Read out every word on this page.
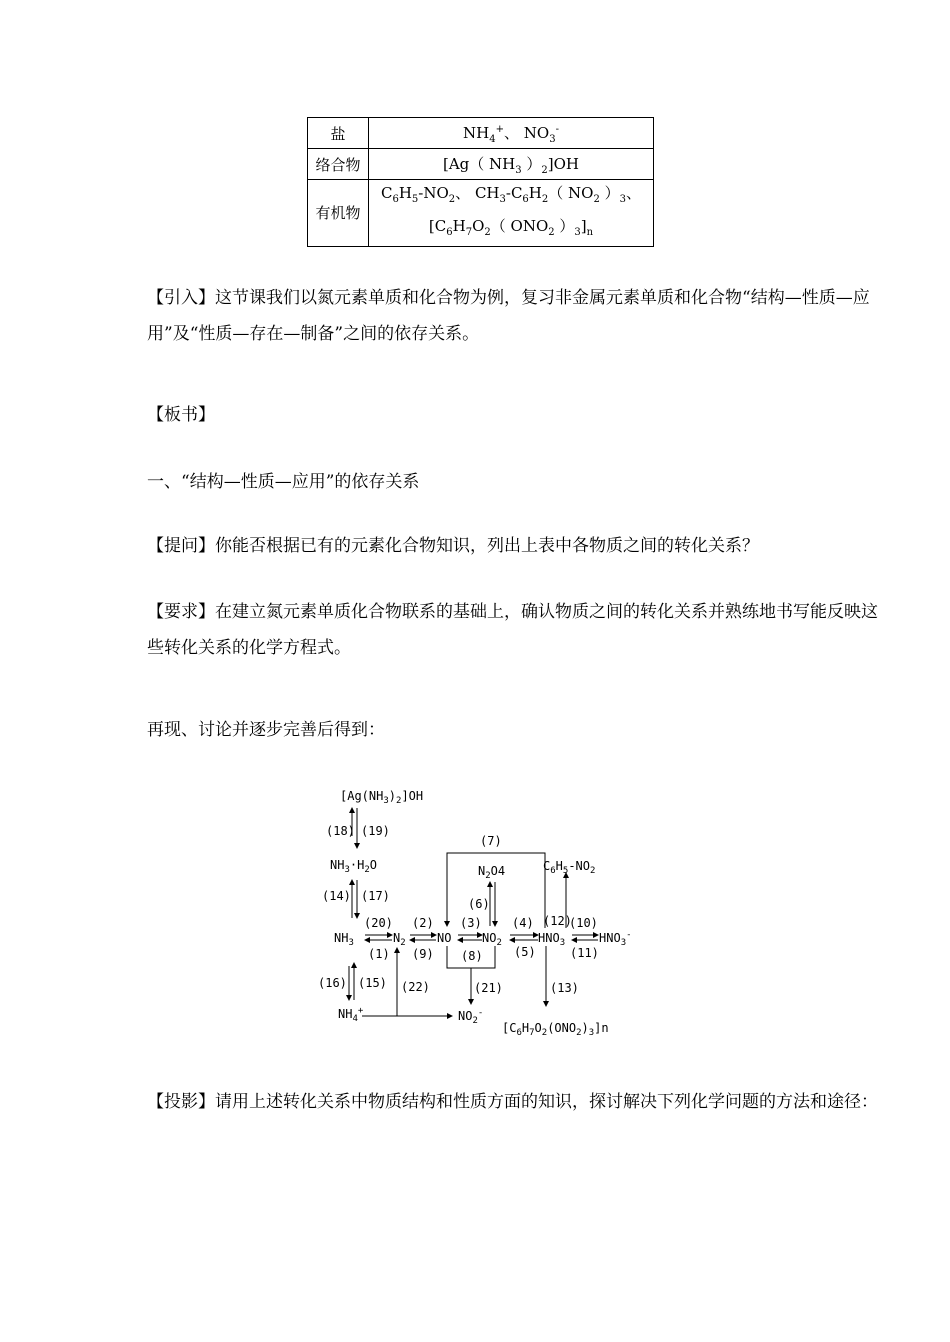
盐	$NH_4^+$、 $NO_3^-$
络合物	[Ag（ $NH_3$ ）$_2]OH$
有机物	$C_6H_5-NO_2$、 $CH_3-C_6H_2$（ $NO_2$ ）$_3$、
[$C_6H_7O_2$（ $ONO_2$ ）$_3]_n$
【引入】这节课我们以氮元素单质和化合物为例，复习非金属元素单质和化合物“结构—性质—应用”及“性质—存在—制备”之间的依存关系。
【板书】
一、“结构—性质—应用”的依存关系
【提问】你能否根据已有的元素化合物知识，列出上表中各物质之间的转化关系？
【要求】在建立氮元素单质化合物联系的基础上，确认物质之间的转化关系并熟练地书写能反映这些转化关系的化学方程式。
再现、讨论并逐步完善后得到：
$[Ag(NH_3)_2]OH$
(18) (19)
$NH_3\cdot H_2O$
(14) (17)
(7)
$N_2O4$	$C_6H_5-NO_2$
(6)
(20) (2) (3)	(4) (12)
(10)
$NH_3$	$N_2$	NO	$NO_2$	$HNO_3$	$HNO_3^-$
(1) (9) (8)	(5)	(11)
(16) (15) (22)	(21)	(13)
$NH_4^+$	$NO_2^-$
$[C_6H_7O_2(ONO_2)_3]n$
【投影】请用上述转化关系中物质结构和性质方面的知识，探讨解决下列化学问题的方法和途径：
